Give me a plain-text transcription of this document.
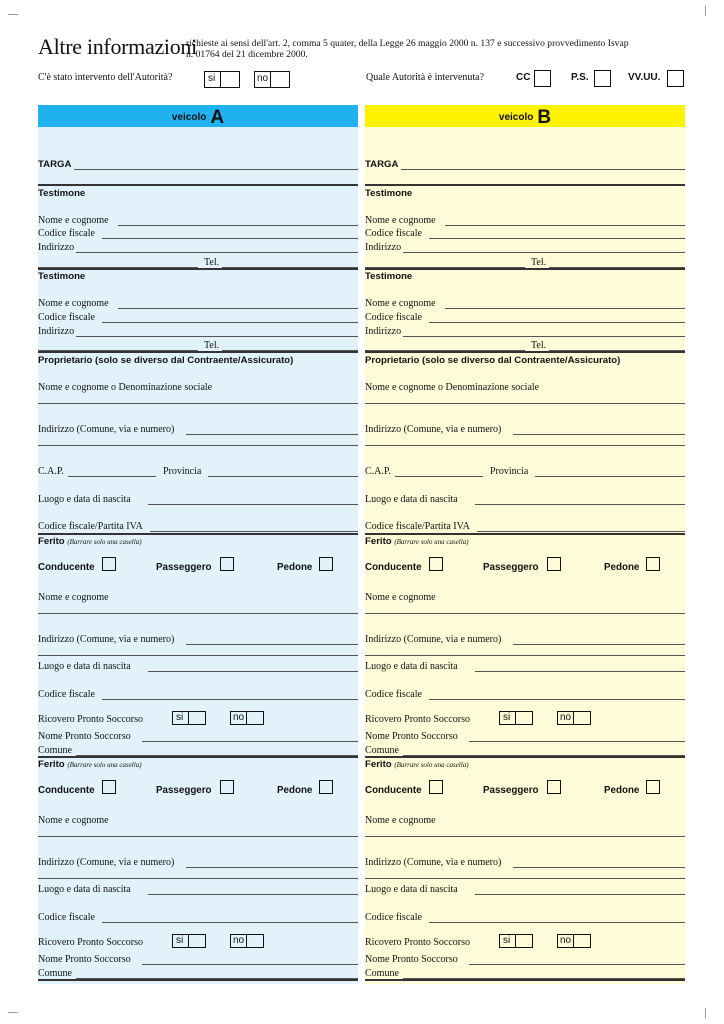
Altre informazioni
richieste ai sensi dell'art. 2, comma 5 quater, della Legge 26 maggio 2000 n. 137 e successivo provvedimento Isvap
n. 01764 del 21 dicembre 2000.
C'è stato intervento dell'Autorità?	si	no	Quale Autorità è intervenuta?	CC	P.S.	VV.UU.
veicolo A
TARGA
Testimone
Nome e cognome
Codice fiscale
Indirizzo
Tel.
Testimone
Nome e cognome
Codice fiscale
Indirizzo
Tel.
Proprietario (solo se diverso dal Contraente/Assicurato)
Nome e cognome o Denominazione sociale
Indirizzo (Comune, via e numero)
C.A.P.	Provincia
Luogo e data di nascita
Codice fiscale/Partita IVA
Ferito (Barrare solo una casella)
Conducente	Passeggero	Pedone
Nome e cognome
Indirizzo (Comune, via e numero)
Luogo e data di nascita
Codice fiscale
Ricovero Pronto Soccorso	si	no
Nome Pronto Soccorso
Comune
Ferito (Barrare solo una casella)
Conducente	Passeggero	Pedone
Nome e cognome
Indirizzo (Comune, via e numero)
Luogo e data di nascita
Codice fiscale
Ricovero Pronto Soccorso	si	no
Nome Pronto Soccorso
Comune
veicolo B
TARGA
Testimone
Nome e cognome
Codice fiscale
Indirizzo
Tel.
Testimone
Nome e cognome
Codice fiscale
Indirizzo
Tel.
Proprietario (solo se diverso dal Contraente/Assicurato)
Nome e cognome o Denominazione sociale
Indirizzo (Comune, via e numero)
C.A.P.	Provincia
Luogo e data di nascita
Codice fiscale/Partita IVA
Ferito (Barrare solo una casella)
Conducente	Passeggero	Pedone
Nome e cognome
Indirizzo (Comune, via e numero)
Luogo e data di nascita
Codice fiscale
Ricovero Pronto Soccorso	si	no
Nome Pronto Soccorso
Comune
Ferito (Barrare solo una casella)
Conducente	Passeggero	Pedone
Nome e cognome
Indirizzo (Comune, via e numero)
Luogo e data di nascita
Codice fiscale
Ricovero Pronto Soccorso	si	no
Nome Pronto Soccorso
Comune
